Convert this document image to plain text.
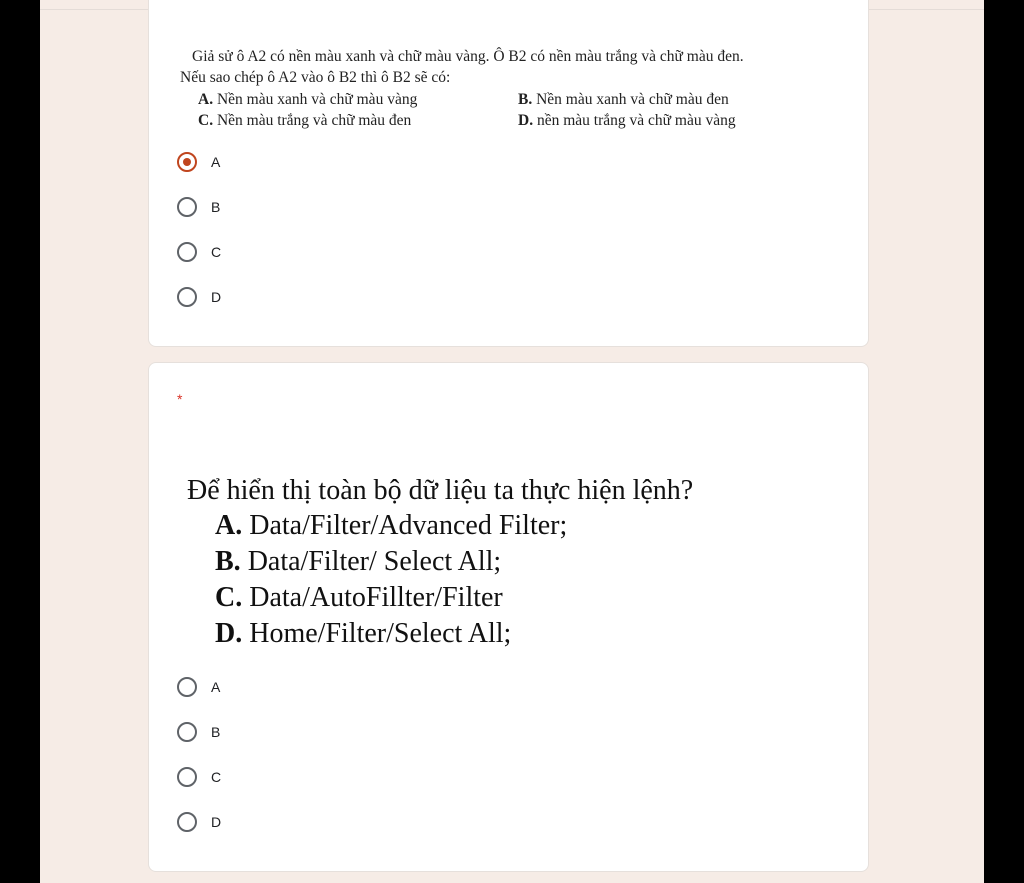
Giả sử ô A2 có nền màu xanh và chữ màu vàng. Ô B2 có nền màu trắng và chữ màu đen.
Nếu sao chép ô A2 vào ô B2 thì ô B2 sẽ có:
A. Nền màu xanh và chữ màu vàng	B. Nền màu xanh và chữ màu đen
C. Nền màu trắng và chữ màu đen	D. nền màu trắng và chữ màu vàng
A
B
C
D
*
Để hiển thị toàn bộ dữ liệu ta thực hiện lệnh?
A. Data/Filter/Advanced Filter;
B. Data/Filter/ Select All;
C. Data/AutoFillter/Filter
D. Home/Filter/Select All;
A
B
C
D
